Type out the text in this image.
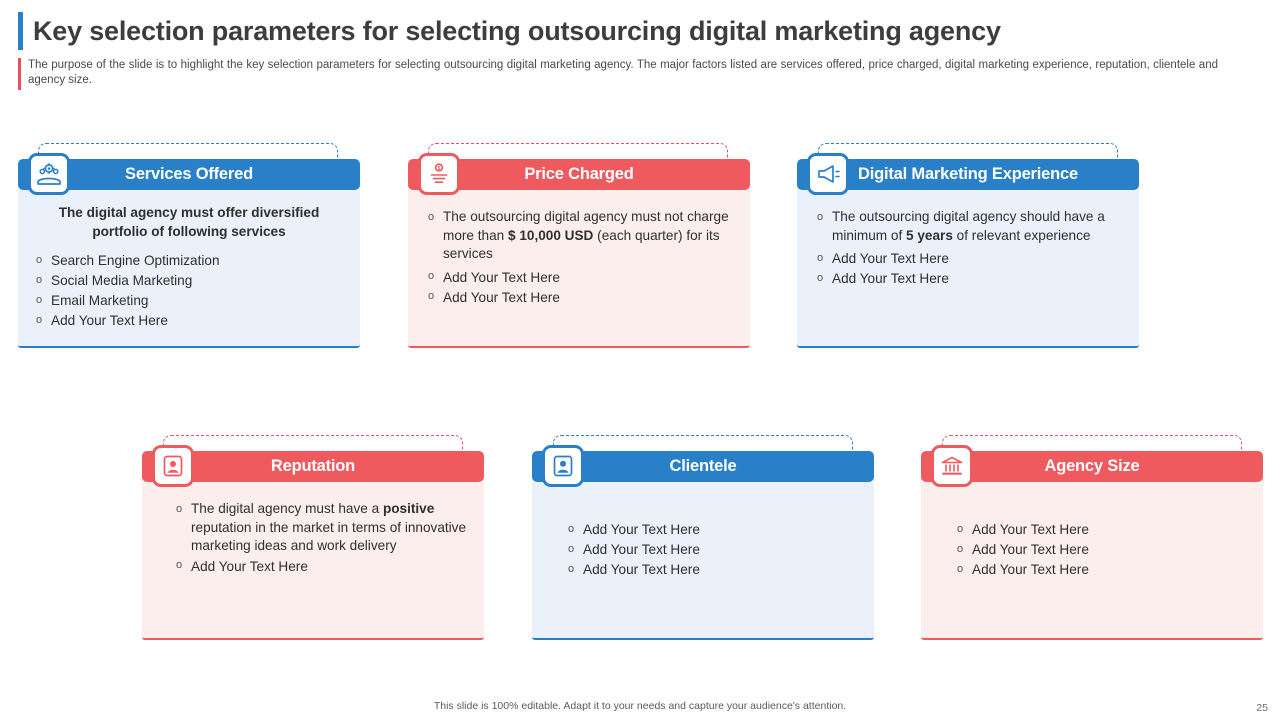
Key selection parameters for selecting outsourcing digital marketing agency
The purpose of the slide is to highlight the key selection parameters for selecting outsourcing digital marketing agency. The major factors listed are services offered, price charged, digital marketing experience, reputation, clientele and agency size.
Services Offered
The digital agency must offer diversified portfolio of following services
o Search Engine Optimization
o Social Media Marketing
o Email Marketing
o Add Your Text Here
Price Charged
o The outsourcing digital agency must not charge more than $ 10,000 USD (each quarter) for its services
o Add Your Text Here
o Add Your Text Here
$	Digital Marketing Experience
o The outsourcing digital agency should have a minimum of 5 years of relevant experience
o Add Your Text Here
o Add Your Text Here
Reputation
o The digital agency must have a positive reputation in the market in terms of innovative marketing ideas and work delivery
o Add Your Text Here
Clientele
o Add Your Text Here
o Add Your Text Here
o Add Your Text Here
Agency Size
o Add Your Text Here
o Add Your Text Here
o Add Your Text Here
This slide is 100% editable. Adapt it to your needs and capture your audience's attention.	25
